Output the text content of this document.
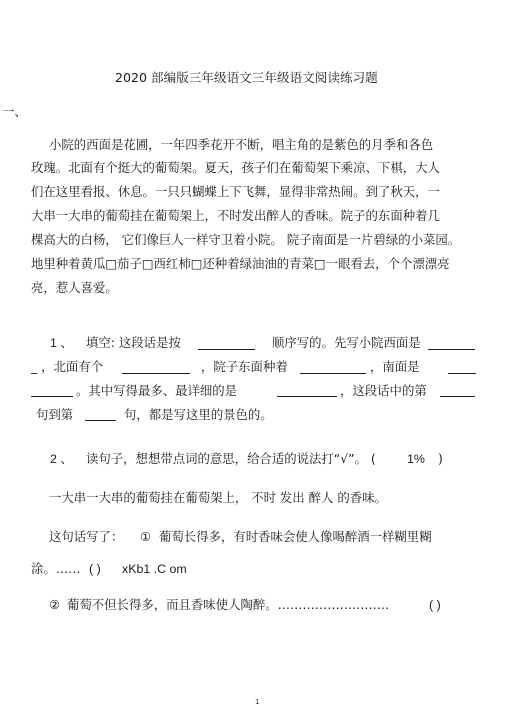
2020 部编版三年级语文三年级语文阅读练习题
一、
小院的西面是花圃，一年四季花开不断，唱主角的是紫色的月季和各色
玫瑰。北面有个挺大的葡萄架。夏天，孩子们在葡萄架下乘凉、下棋，大人
们在这里看报、休息。一只只蝴蝶上下飞舞，显得非常热闹。到了秋天，一
大串一大串的葡萄挂在葡萄架上，不时发出醉人的香味。院子的东面种着几
棵高大的白杨， 它们像巨人一样守卫着小院。 院子南面是一片碧绿的小菜园。
地里种着黄瓜□茄子□西红柿□还种着绿油油的青菜□一眼看去，个个漂漂亮
亮，惹人喜爱。
1 、 填空: 这段话是按	顺序写的。先写小院西面是
_ ，北面有个	，院子东面种着	，南面是
。其中写得最多、最详细的是	，这段话中的第
句到第	句，都是写这里的景色的。
2 、 读句子，想想带点词的意思，给合适的说法打“√”。 (	1% )
一大串一大串的葡萄挂在葡萄架上， 不时 发出 醉人 的香味。
这句话写了： ① 葡萄长得多，有时香味会使人像喝醉酒一样糊里糊
涂。…… ( ) xKb1 .C om
② 葡萄不但长得多，而且香味使人陶醉。………………………	( )
1
